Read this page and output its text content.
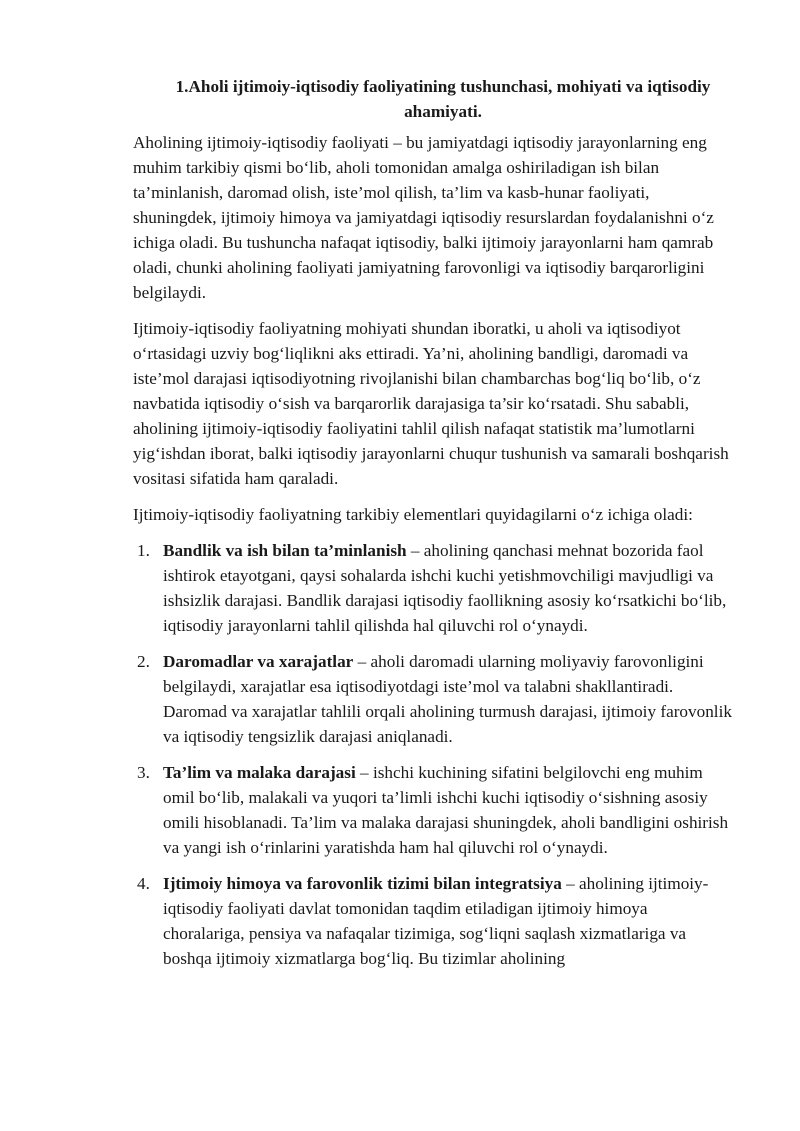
1.Aholi ijtimoiy-iqtisodiy faoliyatining tushunchasi, mohiyati va iqtisodiy ahamiyati.

Aholining ijtimoiy-iqtisodiy faoliyati – bu jamiyatdagi iqtisodiy jarayonlarning eng muhim tarkibiy qismi bo‘lib, aholi tomonidan amalga oshiriladigan ish bilan ta’minlanish, daromad olish, iste’mol qilish, ta’lim va kasb-hunar faoliyati, shuningdek, ijtimoiy himoya va jamiyatdagi iqtisodiy resurslardan foydalanishni o‘z ichiga oladi. Bu tushuncha nafaqat iqtisodiy, balki ijtimoiy jarayonlarni ham qamrab oladi, chunki aholining faoliyati jamiyatning farovonligi va iqtisodiy barqarorligini belgilaydi.

Ijtimoiy-iqtisodiy faoliyatning mohiyati shundan iboratki, u aholi va iqtisodiyot o‘rtasidagi uzviy bog‘liqlikni aks ettiradi. Ya’ni, aholining bandligi, daromadi va iste’mol darajasi iqtisodiyotning rivojlanishi bilan chambarchas bog‘liq bo‘lib, o‘z navbatida iqtisodiy o‘sish va barqarorlik darajasiga ta’sir ko‘rsatadi. Shu sababli, aholining ijtimoiy-iqtisodiy faoliyatini tahlil qilish nafaqat statistik ma’lumotlarni yig‘ishdan iborat, balki iqtisodiy jarayonlarni chuqur tushunish va samarali boshqarish vositasi sifatida ham qaraladi.

Ijtimoiy-iqtisodiy faoliyatning tarkibiy elementlari quyidagilarni o‘z ichiga oladi:

1. Bandlik va ish bilan ta’minlanish – aholining qanchasi mehnat bozorida faol ishtirok etayotgani, qaysi sohalarda ishchi kuchi yetishmovchiligi mavjudligi va ishsizlik darajasi. Bandlik darajasi iqtisodiy faollikning asosiy ko‘rsatkichi bo‘lib, iqtisodiy jarayonlarni tahlil qilishda hal qiluvchi rol o‘ynaydi.
2. Daromadlar va xarajatlar – aholi daromadi ularning moliyaviy farovonligini belgilaydi, xarajatlar esa iqtisodiyotdagi iste’mol va talabni shakllantiradi. Daromad va xarajatlar tahlili orqali aholining turmush darajasi, ijtimoiy farovonlik va iqtisodiy tengsizlik darajasi aniqlanadi.
3. Ta’lim va malaka darajasi – ishchi kuchining sifatini belgilovchi eng muhim omil bo‘lib, malakali va yuqori ta’limli ishchi kuchi iqtisodiy o‘sishning asosiy omili hisoblanadi. Ta’lim va malaka darajasi shuningdek, aholi bandligini oshirish va yangi ish o‘rinlarini yaratishda ham hal qiluvchi rol o‘ynaydi.
4. Ijtimoiy himoya va farovonlik tizimi bilan integratsiya – aholining ijtimoiy-iqtisodiy faoliyati davlat tomonidan taqdim etiladigan ijtimoiy himoya choralariga, pensiya va nafaqalar tizimiga, sog‘liqni saqlash xizmatlariga va boshqa ijtimoiy xizmatlarga bog‘liq. Bu tizimlar aholining
